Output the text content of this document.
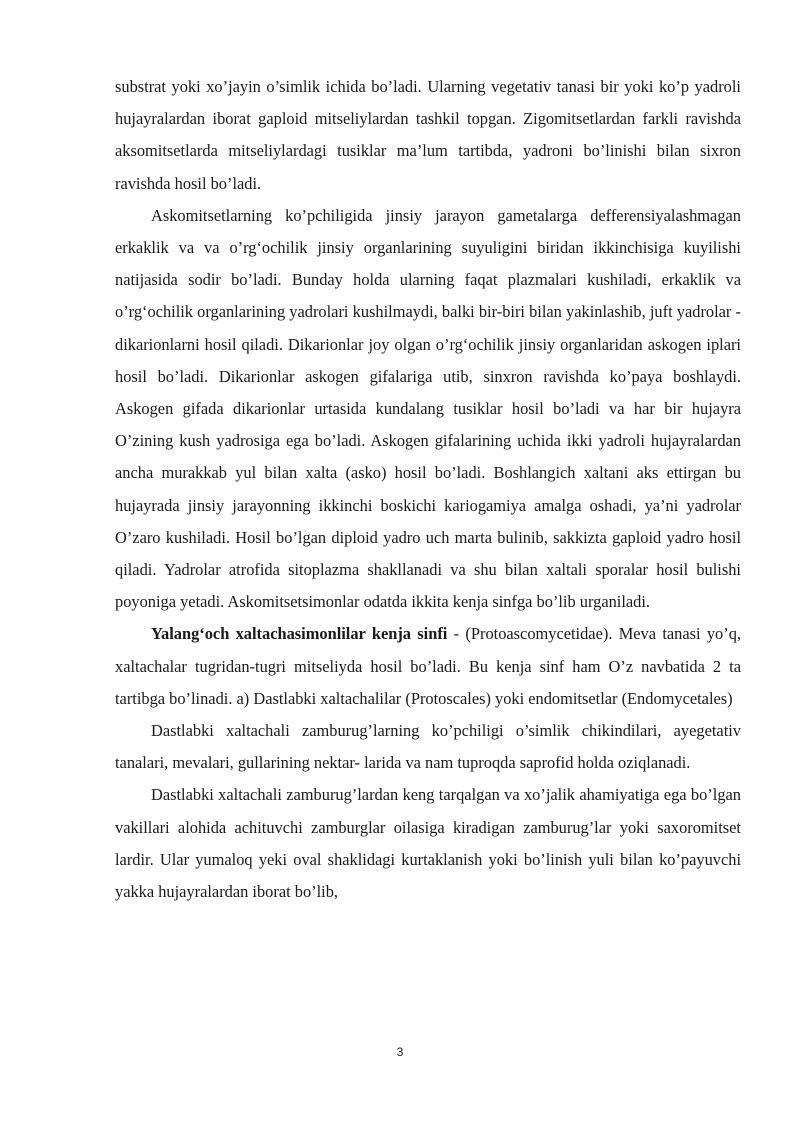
substrat yoki xo’jayin o’simlik ichida bo’ladi. Ularning vegetativ tanasi bir yoki ko’p yadroli hujayralardan iborat gaploid mitseliylardan tashkil topgan. Zigomitsetlardan farkli ravishda aksomitsetlarda mitseliylardagi tusiklar ma’lum tartibda, yadroni bo’linishi bilan sixron ravishda hosil bo’ladi.

Askomitsetlarning ko’pchiligida jinsiy jarayon gametalarga defferensiyalashmagan erkaklik va va o’rg‘ochilik jinsiy organlarining suyuligini biridan ikkinchisiga kuyilishi natijasida sodir bo’ladi. Bunday holda ularning faqat plazmalari kushiladi, erkaklik va o’rg‘ochilik organlarining yadrolari kushilmaydi, balki bir-biri bilan yakinlashib, juft yadrolar - dikarionlarni hosil qiladi. Dikarionlar joy olgan o’rg‘ochilik jinsiy organlaridan askogen iplari hosil bo’ladi. Dikarionlar askogen gifalariga utib, sinxron ravishda ko’paya boshlaydi. Askogen gifada dikarionlar urtasida kundalang tusiklar hosil bo’ladi va har bir hujayra O’zining kush yadrosiga ega bo’ladi. Askogen gifalarining uchida ikki yadroli hujayralardan ancha murakkab yul bilan xalta (asko) hosil bo’ladi. Boshlangich xaltani aks ettirgan bu hujayrada jinsiy jarayonning ikkinchi boskichi kariogamiya amalga oshadi, ya’ni yadrolar O’zaro kushiladi. Hosil bo’lgan diploid yadro uch marta bulinib, sakkizta gaploid yadro hosil qiladi. Yadrolar atrofida sitoplazma shakllanadi va shu bilan xaltali sporalar hosil bulishi poyoniga yetadi. Askomitsetsimonlar odatda ikkita kenja sinfga bo’lib urganiladi.

Yalang‘och xaltachasimonlilar kenja sinfi - (Protoascomycetidae). Meva tanasi yo’q, xaltachalar tugridan-tugri mitseliyda hosil bo’ladi. Bu kenja sinf ham O’z navbatida 2 ta tartibga bo’linadi. a) Dastlabki xaltachalilar (Protoscales) yoki endomitsetlar (Endomycetales)

Dastlabki xaltachali zamburug’larning ko’pchiligi o’simlik chikindilari, ayegetativ tanalari, mevalari, gullarining nektar- larida va nam tuproqda saprofid holda oziqlanadi.

Dastlabki xaltachali zamburug’lardan keng tarqalgan va xo’jalik ahamiyatiga ega bo’lgan vakillari alohida achituvchi zamburglar oilasiga kiradigan zamburug’lar yoki saxoromitset lardir. Ular yumaloq yeki oval shaklidagi kurtaklanish yoki bo’linish yuli bilan ko’payuvchi yakka hujayralardan iborat bo’lib,

3
